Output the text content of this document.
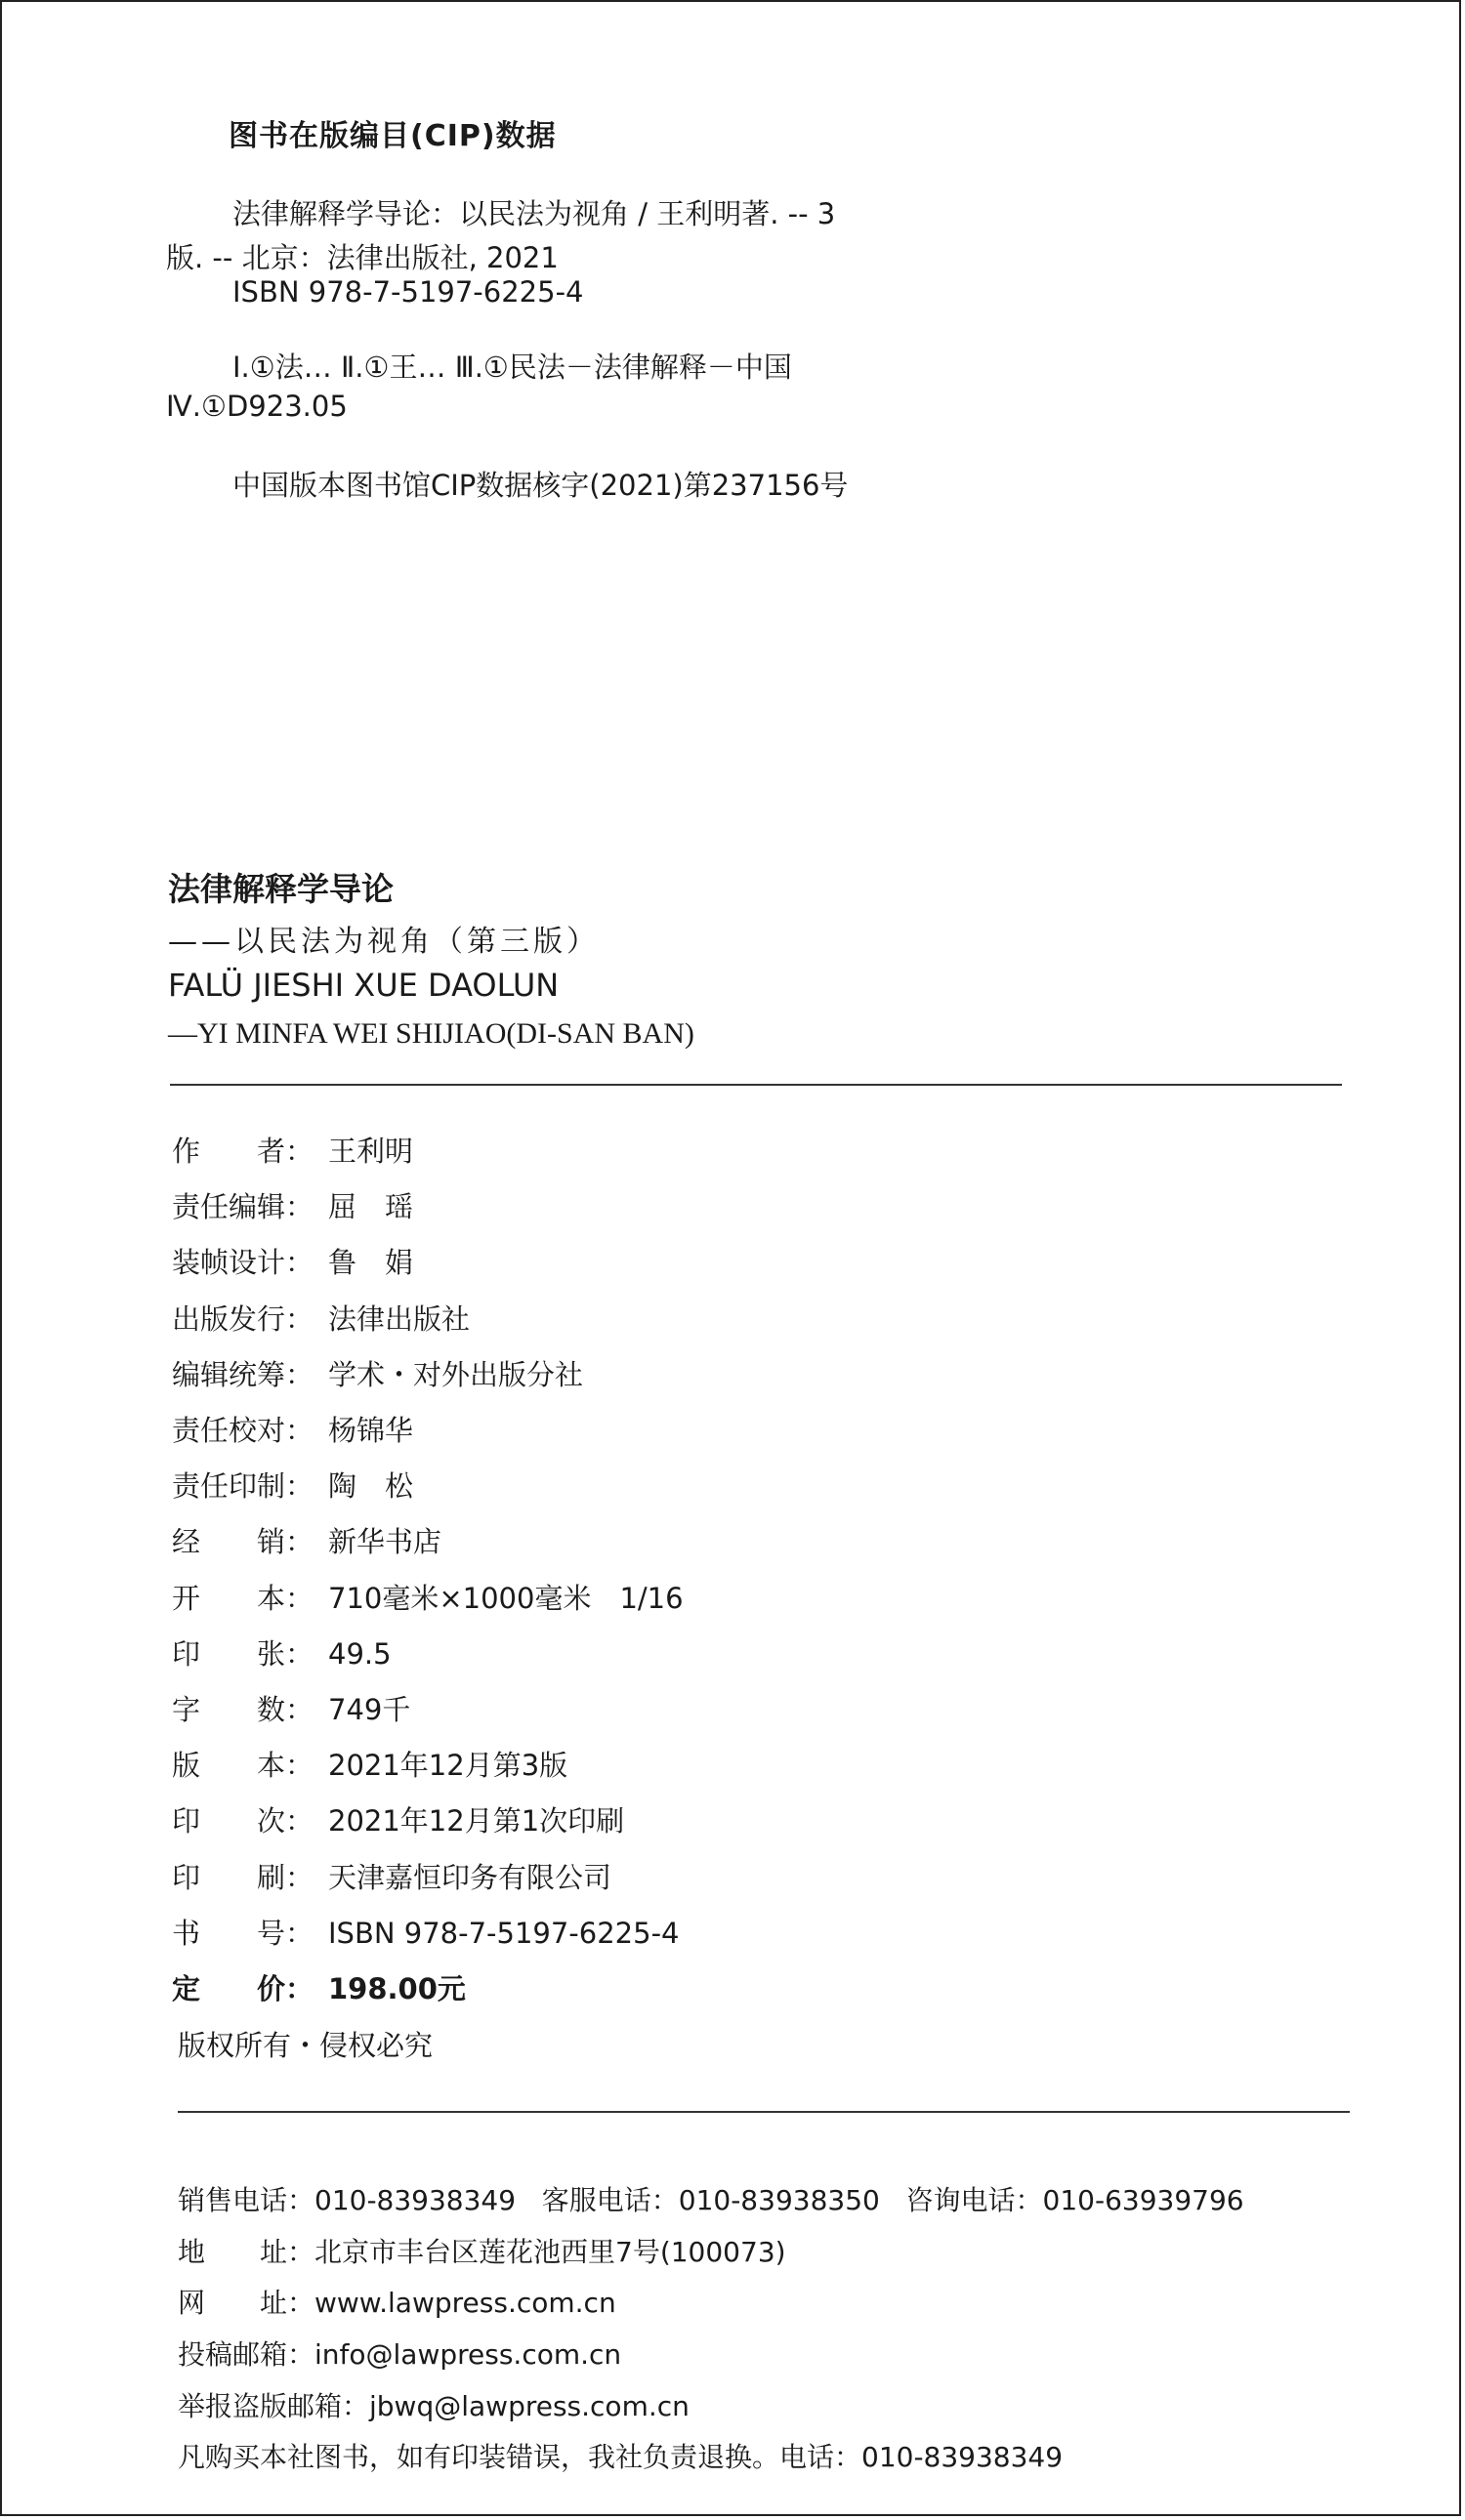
图书在版编目(CIP)数据
法律解释学导论：以民法为视角 / 王利明著. -- 3
版. -- 北京：法律出版社, 2021
ISBN 978-7-5197-6225-4
Ⅰ.①法… Ⅱ.①王… Ⅲ.①民法－法律解释－中国
Ⅳ.①D923.05
中国版本图书馆CIP数据核字(2021)第237156号
法律解释学导论
——以民法为视角（第三版）
FALÜ JIESHI XUE DAOLUN
—YI MINFA WEI SHIJIAO(DI-SAN BAN)
作　　者： 王利明
责任编辑： 屈　瑶
装帧设计： 鲁　娟
出版发行： 法律出版社
编辑统筹： 学术・对外出版分社
责任校对： 杨锦华
责任印制： 陶　松
经　　销： 新华书店
开　　本： 710毫米×1000毫米　1/16
印　　张： 49.5
字　　数： 749千
版　　本： 2021年12月第3版
印　　次： 2021年12月第1次印刷
印　　刷： 天津嘉恒印务有限公司
书　　号： ISBN 978-7-5197-6225-4
定　　价： 198.00元
版权所有・侵权必究
销售电话：010-83938349   客服电话：010-83938350   咨询电话：010-63939796
地　　址：北京市丰台区莲花池西里7号(100073)
网　　址：www.lawpress.com.cn
投稿邮箱：info@lawpress.com.cn
举报盗版邮箱：jbwq@lawpress.com.cn
凡购买本社图书，如有印装错误，我社负责退换。电话：010-83938349
